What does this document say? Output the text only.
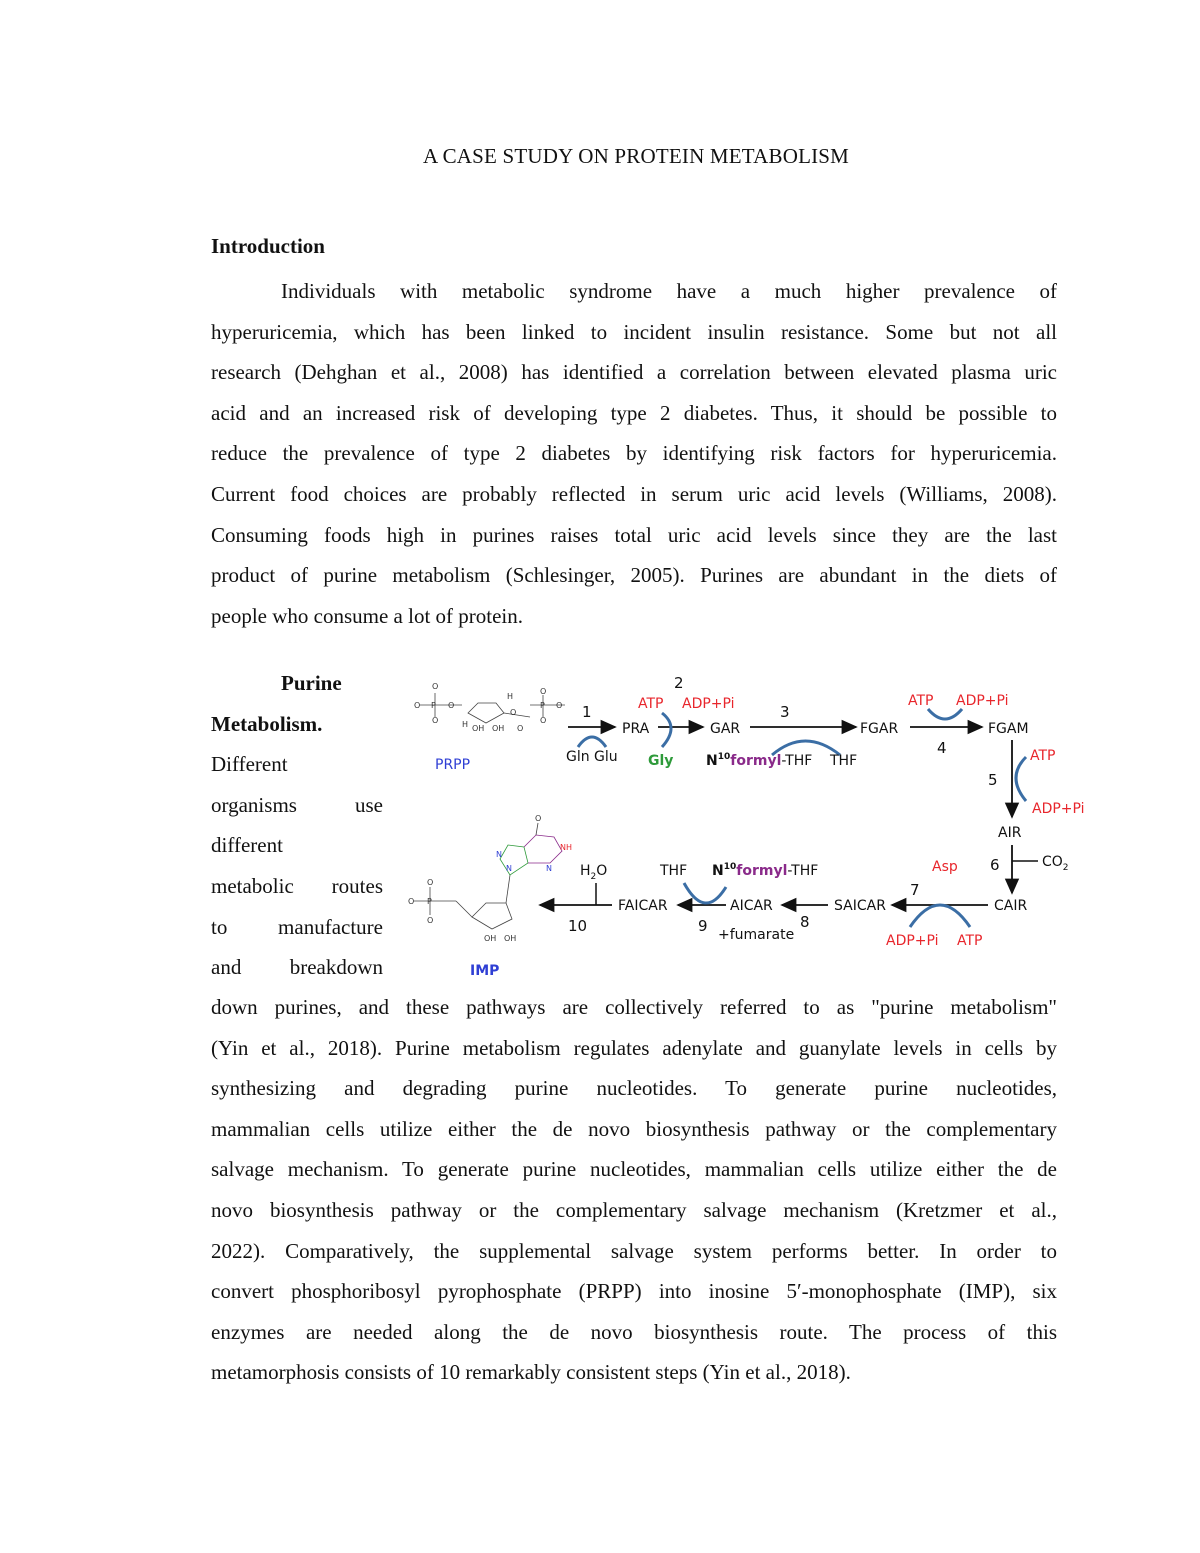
A CASE STUDY ON PROTEIN METABOLISM
Introduction

Individuals with metabolic syndrome have a much higher prevalence of

hyperuricemia, which has been linked to incident insulin resistance. Some but not all

research (Dehghan et al., 2008) has identified a correlation between elevated plasma uric

acid and an increased risk of developing type 2 diabetes. Thus, it should be possible to

reduce the prevalence of type 2 diabetes by identifying risk factors for hyperuricemia.

Current food choices are probably reflected in serum uric acid levels (Williams, 2008).

Consuming foods high in purines raises total uric acid levels since they are the last

product of purine metabolism (Schlesinger, 2005). Purines are abundant in the diets of

people who consume a lot of protein.

Purine
Metabolism.
Different
organisms use
different
metabolic routes
to manufacture
and breakdown
O
O P O
O
H
O
H OH OH O
O
P O
O
PRPP
1
Gln Glu
PRA
2
ATP ADP+Pi
Gly
GAR
3
$N^{10}formyl$-THF THF
FGAR
ATP ADP+Pi
4
FGAM
5
ATP
ADP+Pi
AIR
6	$CO_2$
CAIR
Asp
7
ADP+Pi ATP
SAICAR
8
AICAR
+fumarate
THF $N^{10}formyl$-THF
9
FAICAR
$H_2O$
10
O
O P
O
OH OH
O
NH
N
N	N
IMP

down purines, and these pathways are collectively referred to as "purine metabolism"

(Yin et al., 2018). Purine metabolism regulates adenylate and guanylate levels in cells by

synthesizing and degrading purine nucleotides. To generate purine nucleotides,

mammalian cells utilize either the de novo biosynthesis pathway or the complementary

salvage mechanism. To generate purine nucleotides, mammalian cells utilize either the de

novo biosynthesis pathway or the complementary salvage mechanism (Kretzmer et al.,

2022). Comparatively, the supplemental salvage system performs better. In order to

convert phosphoribosyl pyrophosphate (PRPP) into inosine 5′-monophosphate (IMP), six

enzymes are needed along the de novo biosynthesis route. The process of this

metamorphosis consists of 10 remarkably consistent steps (Yin et al., 2018).
